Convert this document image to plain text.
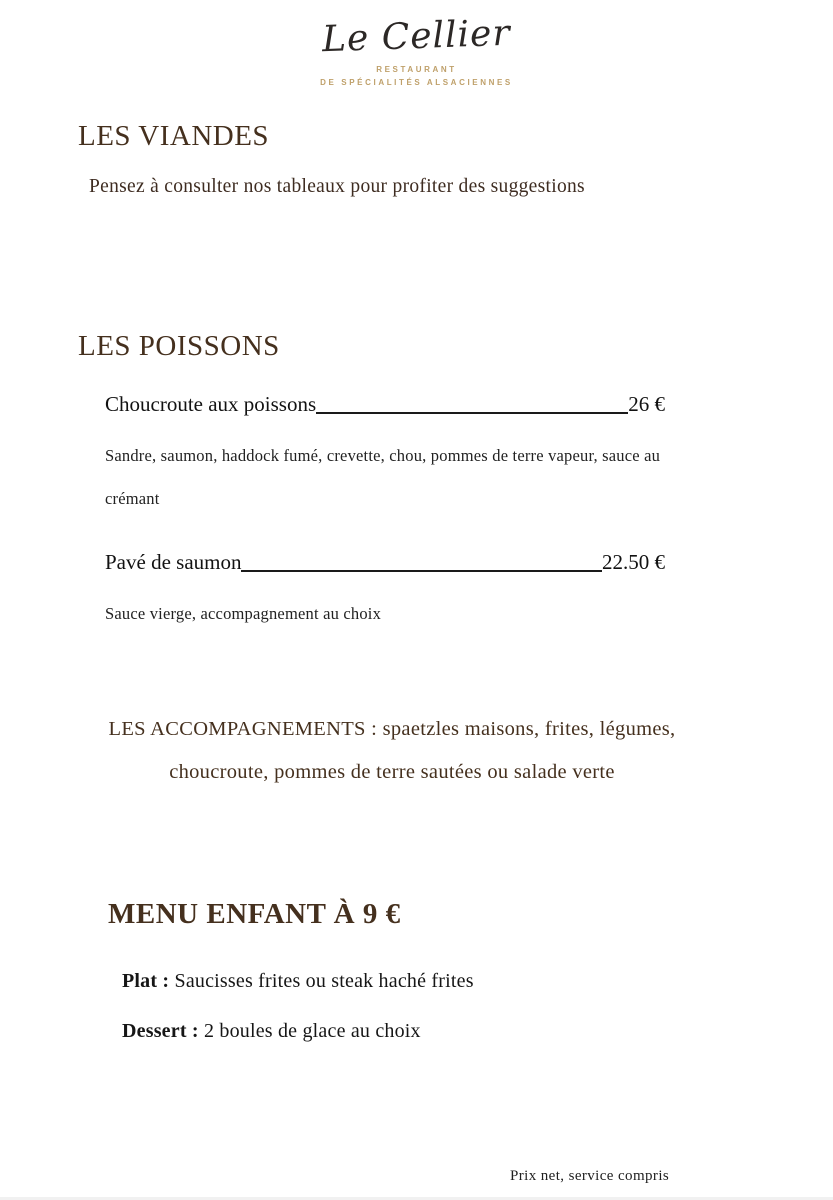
Le Cellier
RESTAURANT
DE SPÉCIALITÉS ALSACIENNES
LES VIANDES

Pensez à consulter nos tableaux pour profiter des suggestions

LES POISSONS
Choucroute aux poissons	26 €

Sandre, saumon, haddock fumé, crevette, chou, pommes de terre vapeur, sauce au crémant

Pavé de saumon	22.50 €

Sauce vierge, accompagnement au choix

LES ACCOMPAGNEMENTS : spaetzles maisons, frites, légumes, choucroute, pommes de terre sautées ou salade verte

MENU ENFANT À 9 €

Plat : Saucisses frites ou steak haché frites

Dessert : 2 boules de glace au choix

Prix net, service compris
